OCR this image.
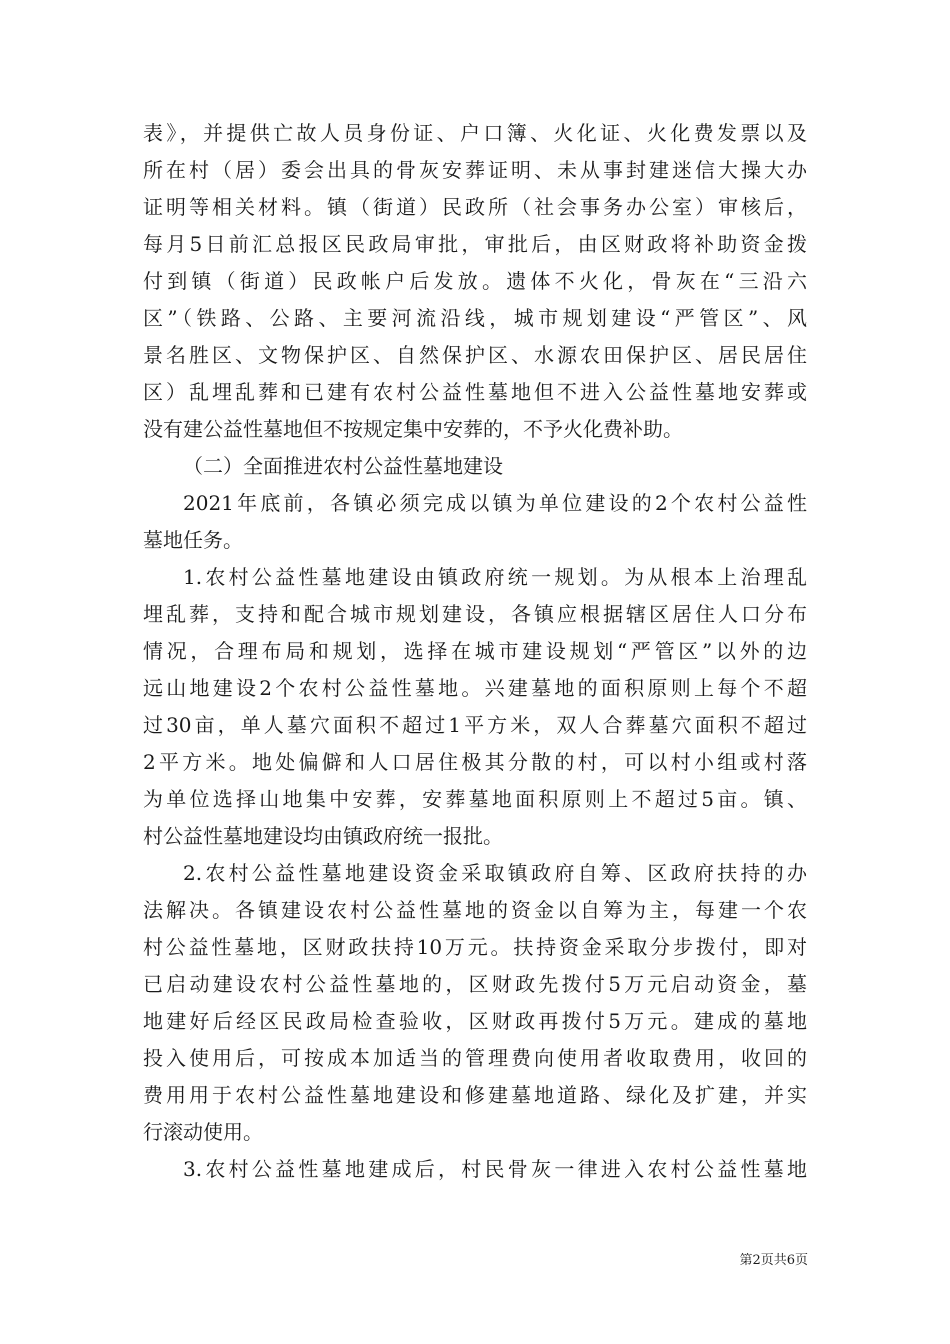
表》，并提供亡故人员身份证、户口簿、火化证、火化费发票以及
所在村（居）委会出具的骨灰安葬证明、未从事封建迷信大操大办
证明等相关材料。镇（街道）民政所（社会事务办公室）审核后，
每月5日前汇总报区民政局审批，审批后，由区财政将补助资金拨
付到镇（街道）民政帐户后发放。遗体不火化，骨灰在“三沿六
区”（铁路、公路、主要河流沿线，城市规划建设“严管区”、风
景名胜区、文物保护区、自然保护区、水源农田保护区、居民居住
区）乱埋乱葬和已建有农村公益性墓地但不进入公益性墓地安葬或
没有建公益性墓地但不按规定集中安葬的，不予火化费补助。
（二）全面推进农村公益性墓地建设
2021年底前，各镇必须完成以镇为单位建设的2个农村公益性
墓地任务。
1.农村公益性墓地建设由镇政府统一规划。为从根本上治理乱
埋乱葬，支持和配合城市规划建设，各镇应根据辖区居住人口分布
情况，合理布局和规划，选择在城市建设规划“严管区”以外的边
远山地建设2个农村公益性墓地。兴建墓地的面积原则上每个不超
过30亩，单人墓穴面积不超过1平方米，双人合葬墓穴面积不超过
2平方米。地处偏僻和人口居住极其分散的村，可以村小组或村落
为单位选择山地集中安葬，安葬墓地面积原则上不超过5亩。镇、
村公益性墓地建设均由镇政府统一报批。
2.农村公益性墓地建设资金采取镇政府自筹、区政府扶持的办
法解决。各镇建设农村公益性墓地的资金以自筹为主，每建一个农
村公益性墓地，区财政扶持10万元。扶持资金采取分步拨付，即对
已启动建设农村公益性墓地的，区财政先拨付5万元启动资金，墓
地建好后经区民政局检查验收，区财政再拨付5万元。建成的墓地
投入使用后，可按成本加适当的管理费向使用者收取费用，收回的
费用用于农村公益性墓地建设和修建墓地道路、绿化及扩建，并实
行滚动使用。
3.农村公益性墓地建成后，村民骨灰一律进入农村公益性墓地
第2页共6页
